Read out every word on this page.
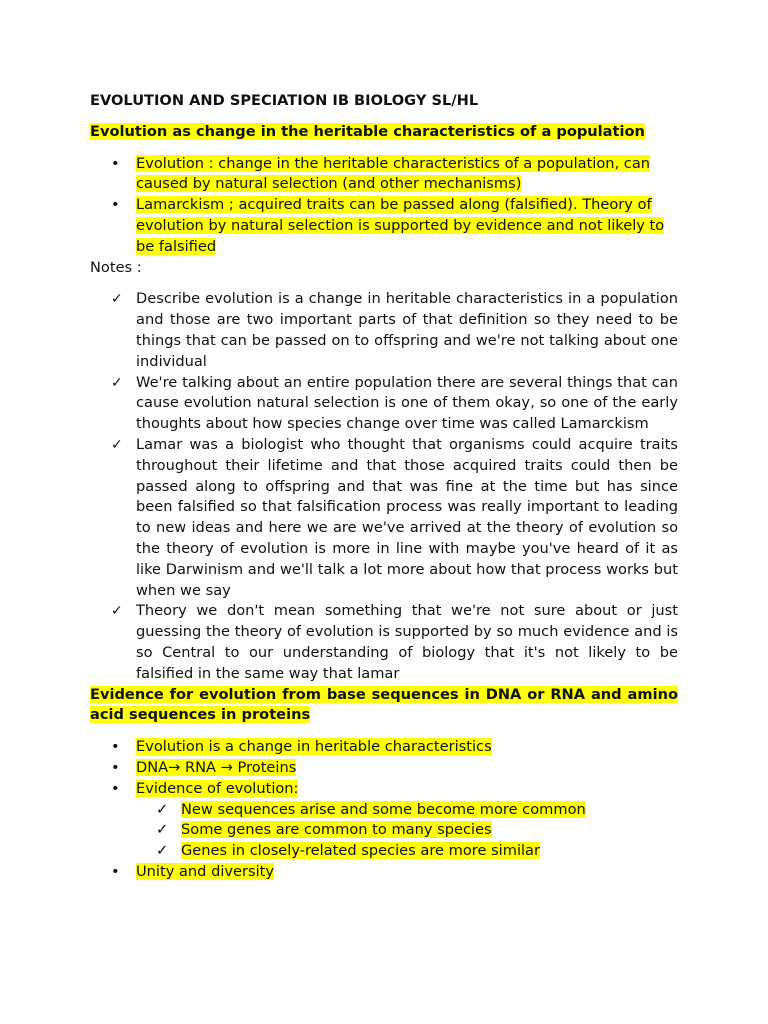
EVOLUTION AND SPECIATION IB BIOLOGY SL/HL
Evolution as change in the heritable characteristics of a population
•	Evolution : change in the heritable characteristics of a population, can caused by natural selection (and other mechanisms)
•	Lamarckism ; acquired traits can be passed along (falsified). Theory of evolution by natural selection is supported by evidence and not likely to be falsified
Notes :
✓ Describe evolution is a change in heritable characteristics in a population and those are two important parts of that definition so they need to be things that can be passed on to offspring and we're not talking about one individual
✓ We're talking about an entire population there are several things that can cause evolution natural selection is one of them okay, so one of the early thoughts about how species change over time was called Lamarckism
✓ Lamar was a biologist who thought that organisms could acquire traits throughout their lifetime and that those acquired traits could then be passed along to offspring and that was fine at the time but has since been falsified so that falsification process was really important to leading to new ideas and here we are we've arrived at the theory of evolution so the theory of evolution is more in line with maybe you've heard of it as like Darwinism and we'll talk a lot more about how that process works but when we say
✓ Theory we don't mean something that we're not sure about or just guessing the theory of evolution is supported by so much evidence and is so Central to our understanding of biology that it's not likely to be falsified in the same way that lamar
Evidence for evolution from base sequences in DNA or RNA and amino acid sequences in proteins
•	Evolution is a change in heritable characteristics
•	DNA→ RNA → Proteins
•	Evidence of evolution:
✓ New sequences arise and some become more common
✓ Some genes are common to many species
✓ Genes in closely-related species are more similar
•	Unity and diversity
